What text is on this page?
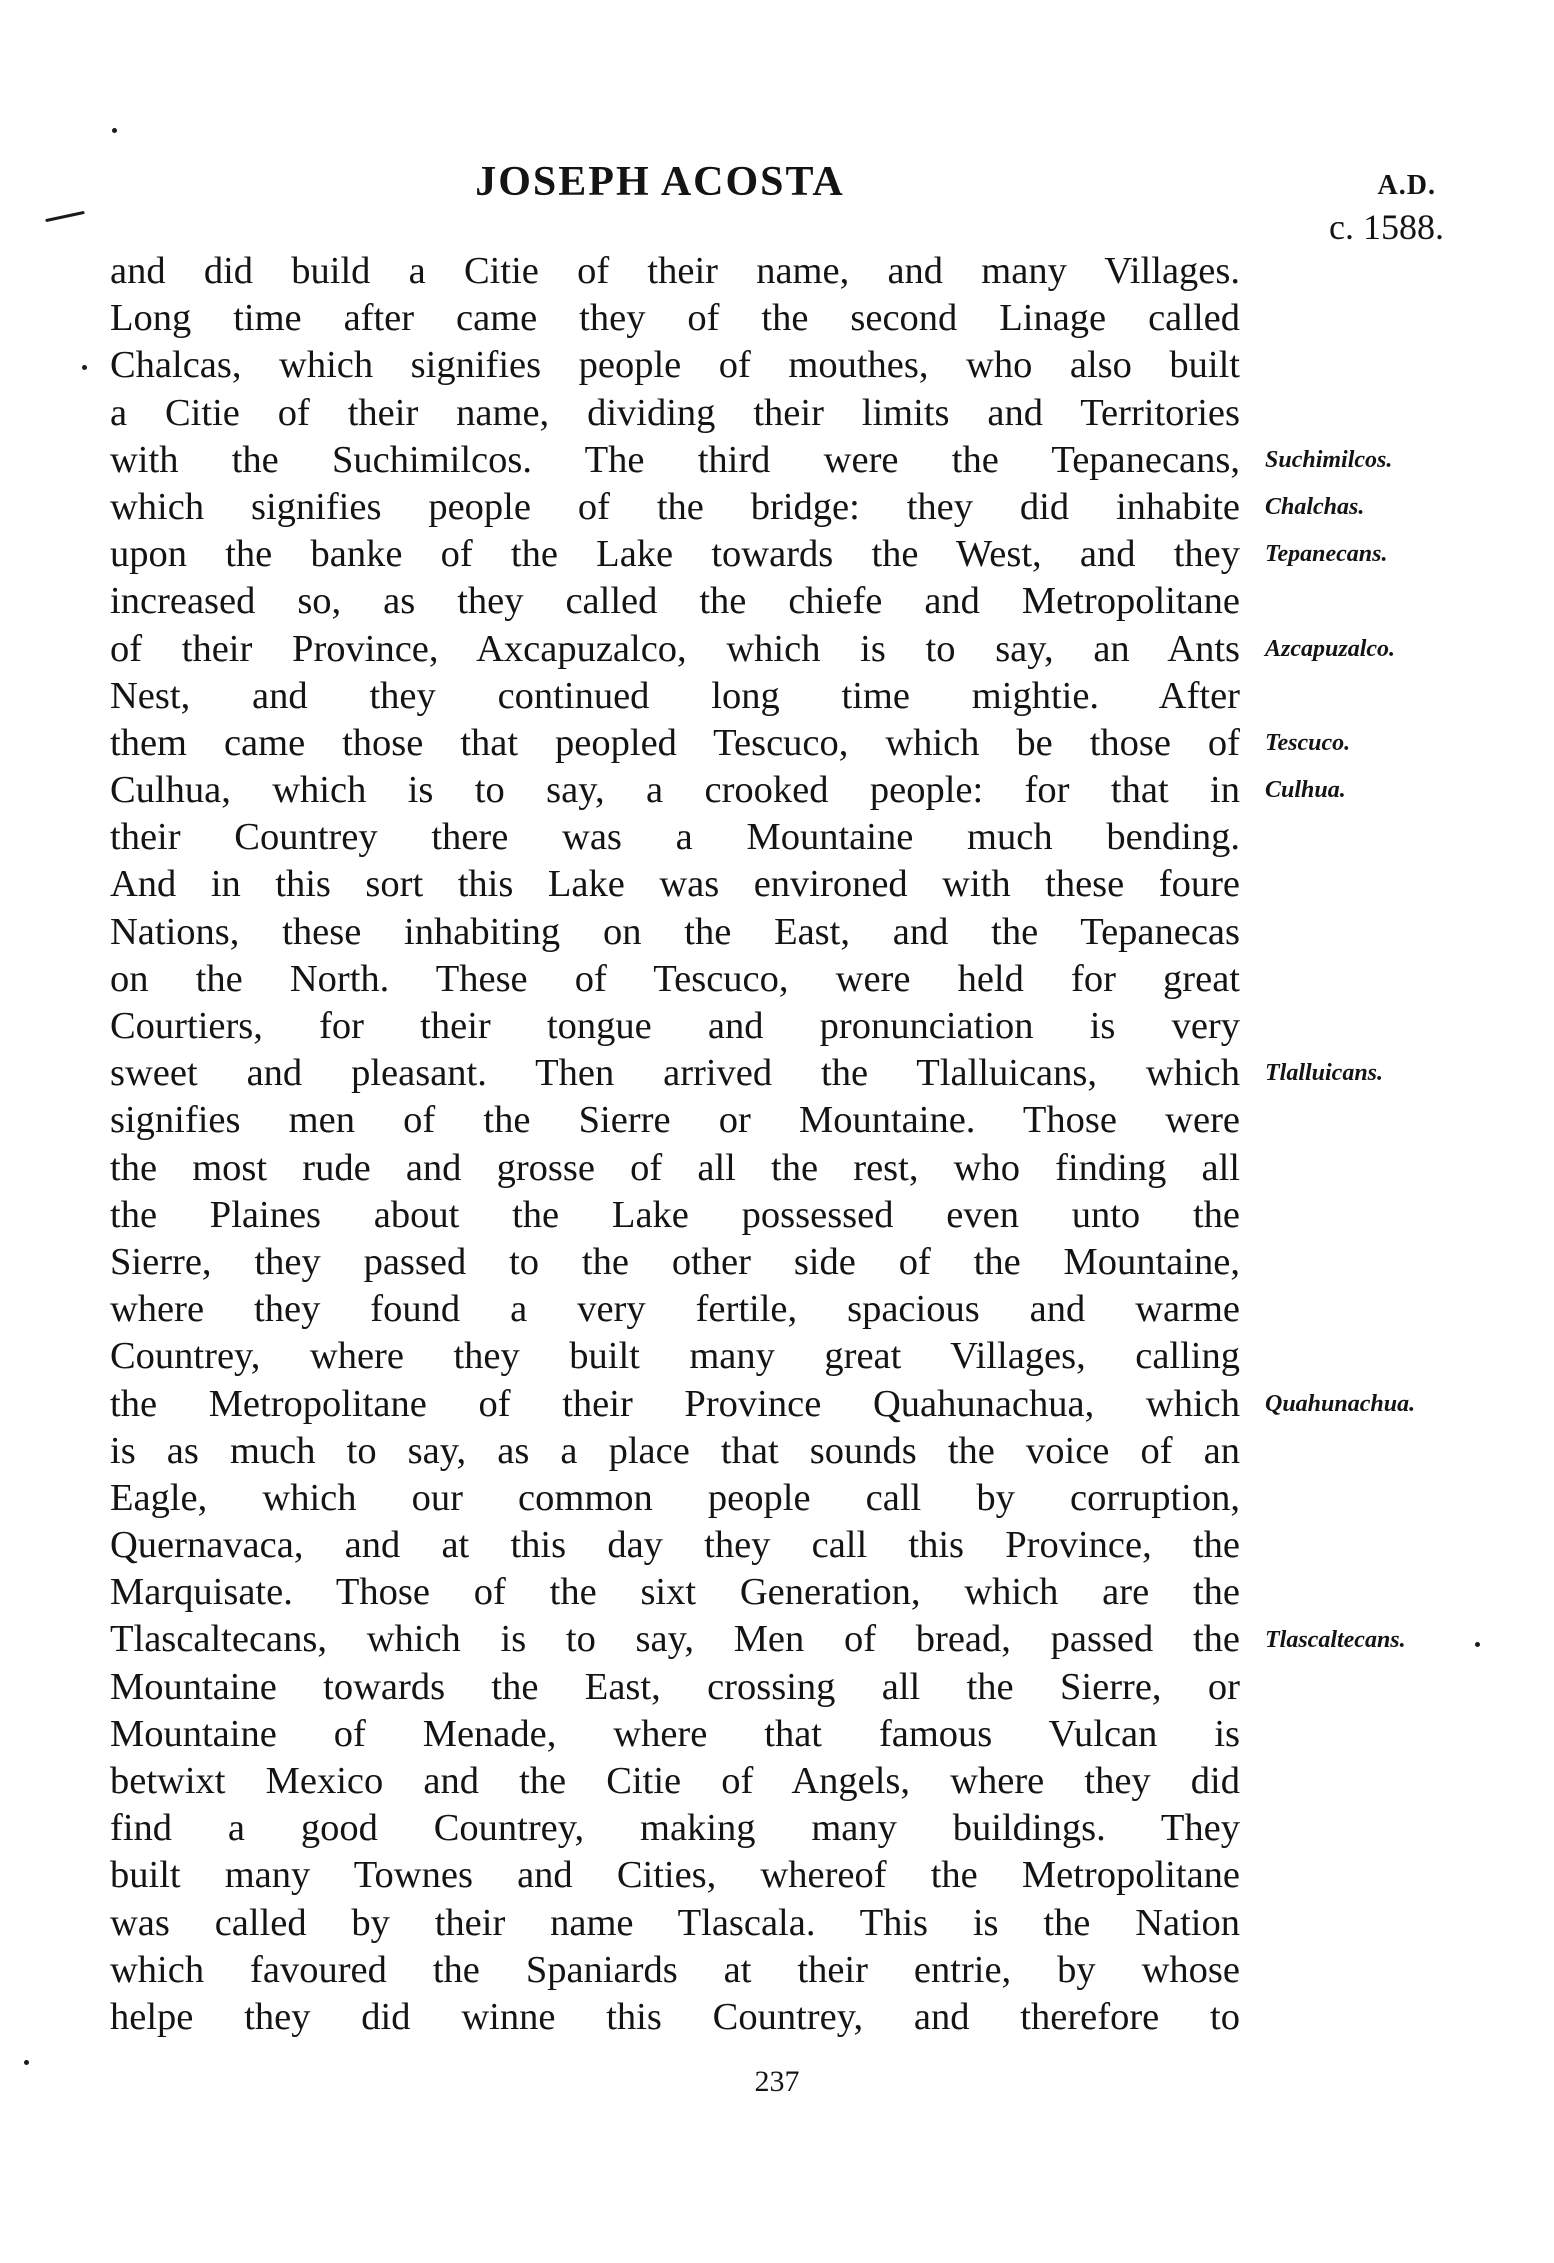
JOSEPH ACOSTA	A.D.
c. 1588.
and did build a Citie of their name, and many Villages.
Long time after came they of the second Linage called
Chalcas, which signifies people of mouthes, who also built
a Citie of their name, dividing their limits and Territories
with the Suchimilcos. The third were the Tepanecans,
which signifies people of the bridge: they did inhabite
upon the banke of the Lake towards the West, and they
increased so, as they called the chiefe and Metropolitane
of their Province, Axcapuzalco, which is to say, an Ants
Nest, and they continued long time mightie. After
them came those that peopled Tescuco, which be those of
Culhua, which is to say, a crooked people: for that in
their Countrey there was a Mountaine much bending.
And in this sort this Lake was environed with these foure
Nations, these inhabiting on the East, and the Tepanecas
on the North. These of Tescuco, were held for great
Courtiers, for their tongue and pronunciation is very
sweet and pleasant. Then arrived the Tlalluicans, which
signifies men of the Sierre or Mountaine. Those were
the most rude and grosse of all the rest, who finding all
the Plaines about the Lake possessed even unto the
Sierre, they passed to the other side of the Mountaine,
where they found a very fertile, spacious and warme
Countrey, where they built many great Villages, calling
the Metropolitane of their Province Quahunachua, which
is as much to say, as a place that sounds the voice of an
Eagle, which our common people call by corruption,
Quernavaca, and at this day they call this Province, the
Marquisate. Those of the sixt Generation, which are the
Tlascaltecans, which is to say, Men of bread, passed the
Mountaine towards the East, crossing all the Sierre, or
Mountaine of Menade, where that famous Vulcan is
betwixt Mexico and the Citie of Angels, where they did
find a good Countrey, making many buildings. They
built many Townes and Cities, whereof the Metropolitane
was called by their name Tlascala. This is the Nation
which favoured the Spaniards at their entrie, by whose
helpe they did winne this Countrey, and therefore to
Suchimilcos.
Chalchas.
Tepanecans.
Azcapuzalco.
Tescuco.
Culhua.
Tlalluicans.
Quahunachua.
Tlascaltecans.
237
